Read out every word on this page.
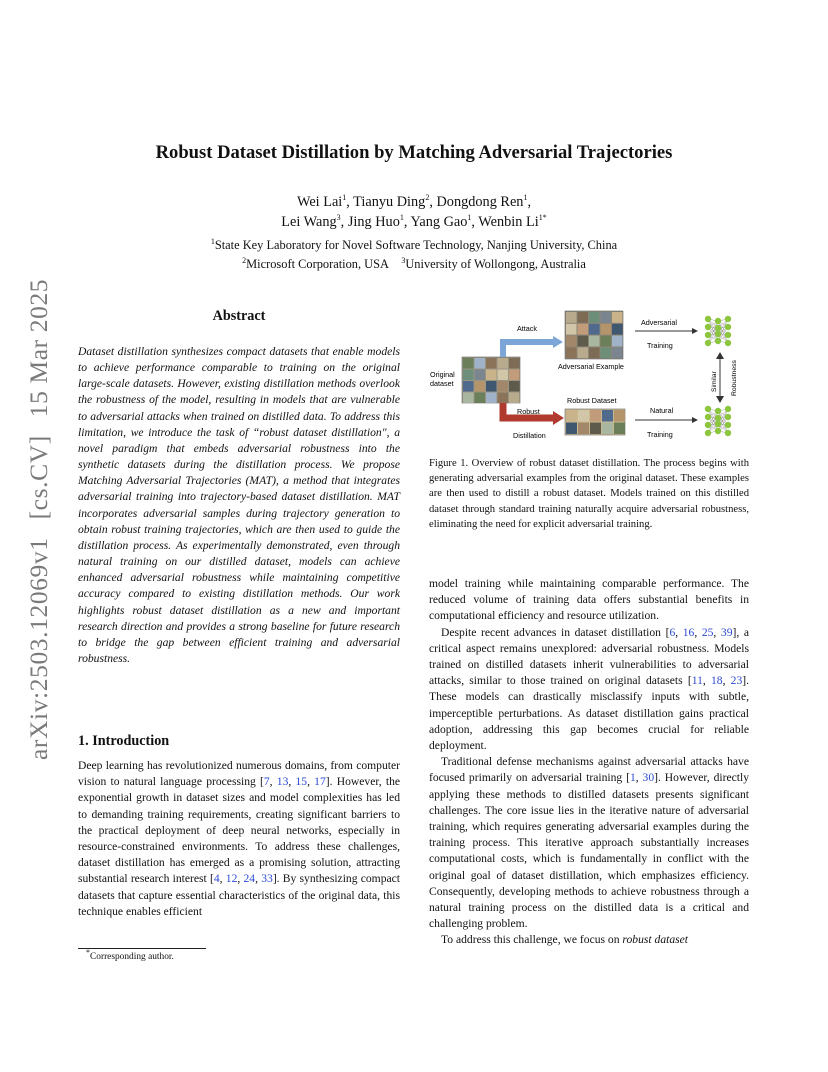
arXiv:2503.12069v1[cs.CV]15 Mar 2025
Robust Dataset Distillation by Matching Adversarial Trajectories
Wei Lai$^1$, Tianyu Ding$^2$, Dongdong Ren$^1$,
Lei Wang$^3$, Jing Huo$^1$, Yang Gao$^1$, Wenbin $Li^{1*}$
$^1$State Key Laboratory for Novel Software Technology, Nanjing University, China
$^2$Microsoft Corporation, USA $^3$University of Wollongong, Australia
Abstract
Dataset distillation synthesizes compact datasets that enable models to achieve performance comparable to training on the original large-scale datasets. However, existing distillation methods overlook the robustness of the model, resulting in models that are vulnerable to adversarial attacks when trained on distilled data. To address this limitation, we introduce the task of “robust dataset distillation", a novel paradigm that embeds adversarial robustness into the synthetic datasets during the distillation process. We propose Matching Adversarial Trajectories (MAT), a method that integrates adversarial training into trajectory-based dataset distillation. MAT incorporates adversarial samples during trajectory generation to obtain robust training trajectories, which are then used to guide the distillation process. As experimentally demonstrated, even through natural training on our distilled dataset, models can achieve enhanced adversarial robustness while maintaining competitive accuracy compared to existing distillation methods. Our work highlights robust dataset distillation as a new and important research direction and provides a strong baseline for future research to bridge the gap between efficient training and adversarial robustness.
1. Introduction
Deep learning has revolutionized numerous domains, from computer vision to natural language processing [7, 13, 15, 17]. However, the exponential growth in dataset sizes and model complexities has led to demanding training requirements, creating significant barriers to the practical deployment of deep neural networks, especially in resource-constrained environments. To address these challenges, dataset distillation has emerged as a promising solution, attracting substantial research interest [4, 12, 24, 33]. By synthesizing compact datasets that capture essential characteristics of the original data, this technique enables efficient
*Corresponding author.
Original
dataset
Attack
Adversarial Example
Robust
Distillation
Robust Dataset
Adversarial
Training
Natural
Training
Similar Robustness
Figure 1. Overview of robust dataset distillation. The process begins with generating adversarial examples from the original dataset. These examples are then used to distill a robust dataset. Models trained on this distilled dataset through standard training naturally acquire adversarial robustness, eliminating the need for explicit adversarial training.
model training while maintaining comparable performance. The reduced volume of training data offers substantial benefits in computational efficiency and resource utilization.
Despite recent advances in dataset distillation [6, 16, 25, 39], a critical aspect remains unexplored: adversarial robustness. Models trained on distilled datasets inherit vulnerabilities to adversarial attacks, similar to those trained on original datasets [11, 18, 23]. These models can drastically misclassify inputs with subtle, imperceptible perturbations. As dataset distillation gains practical adoption, addressing this gap becomes crucial for reliable deployment.
Traditional defense mechanisms against adversarial attacks have focused primarily on adversarial training [1, 30]. However, directly applying these methods to distilled datasets presents significant challenges. The core issue lies in the iterative nature of adversarial training, which requires generating adversarial examples during the training process. This iterative approach substantially increases computational costs, which is fundamentally in conflict with the original goal of dataset distillation, which emphasizes efficiency. Consequently, developing methods to achieve robustness through a natural training process on the distilled data is a critical and challenging problem.
To address this challenge, we focus on robust dataset
